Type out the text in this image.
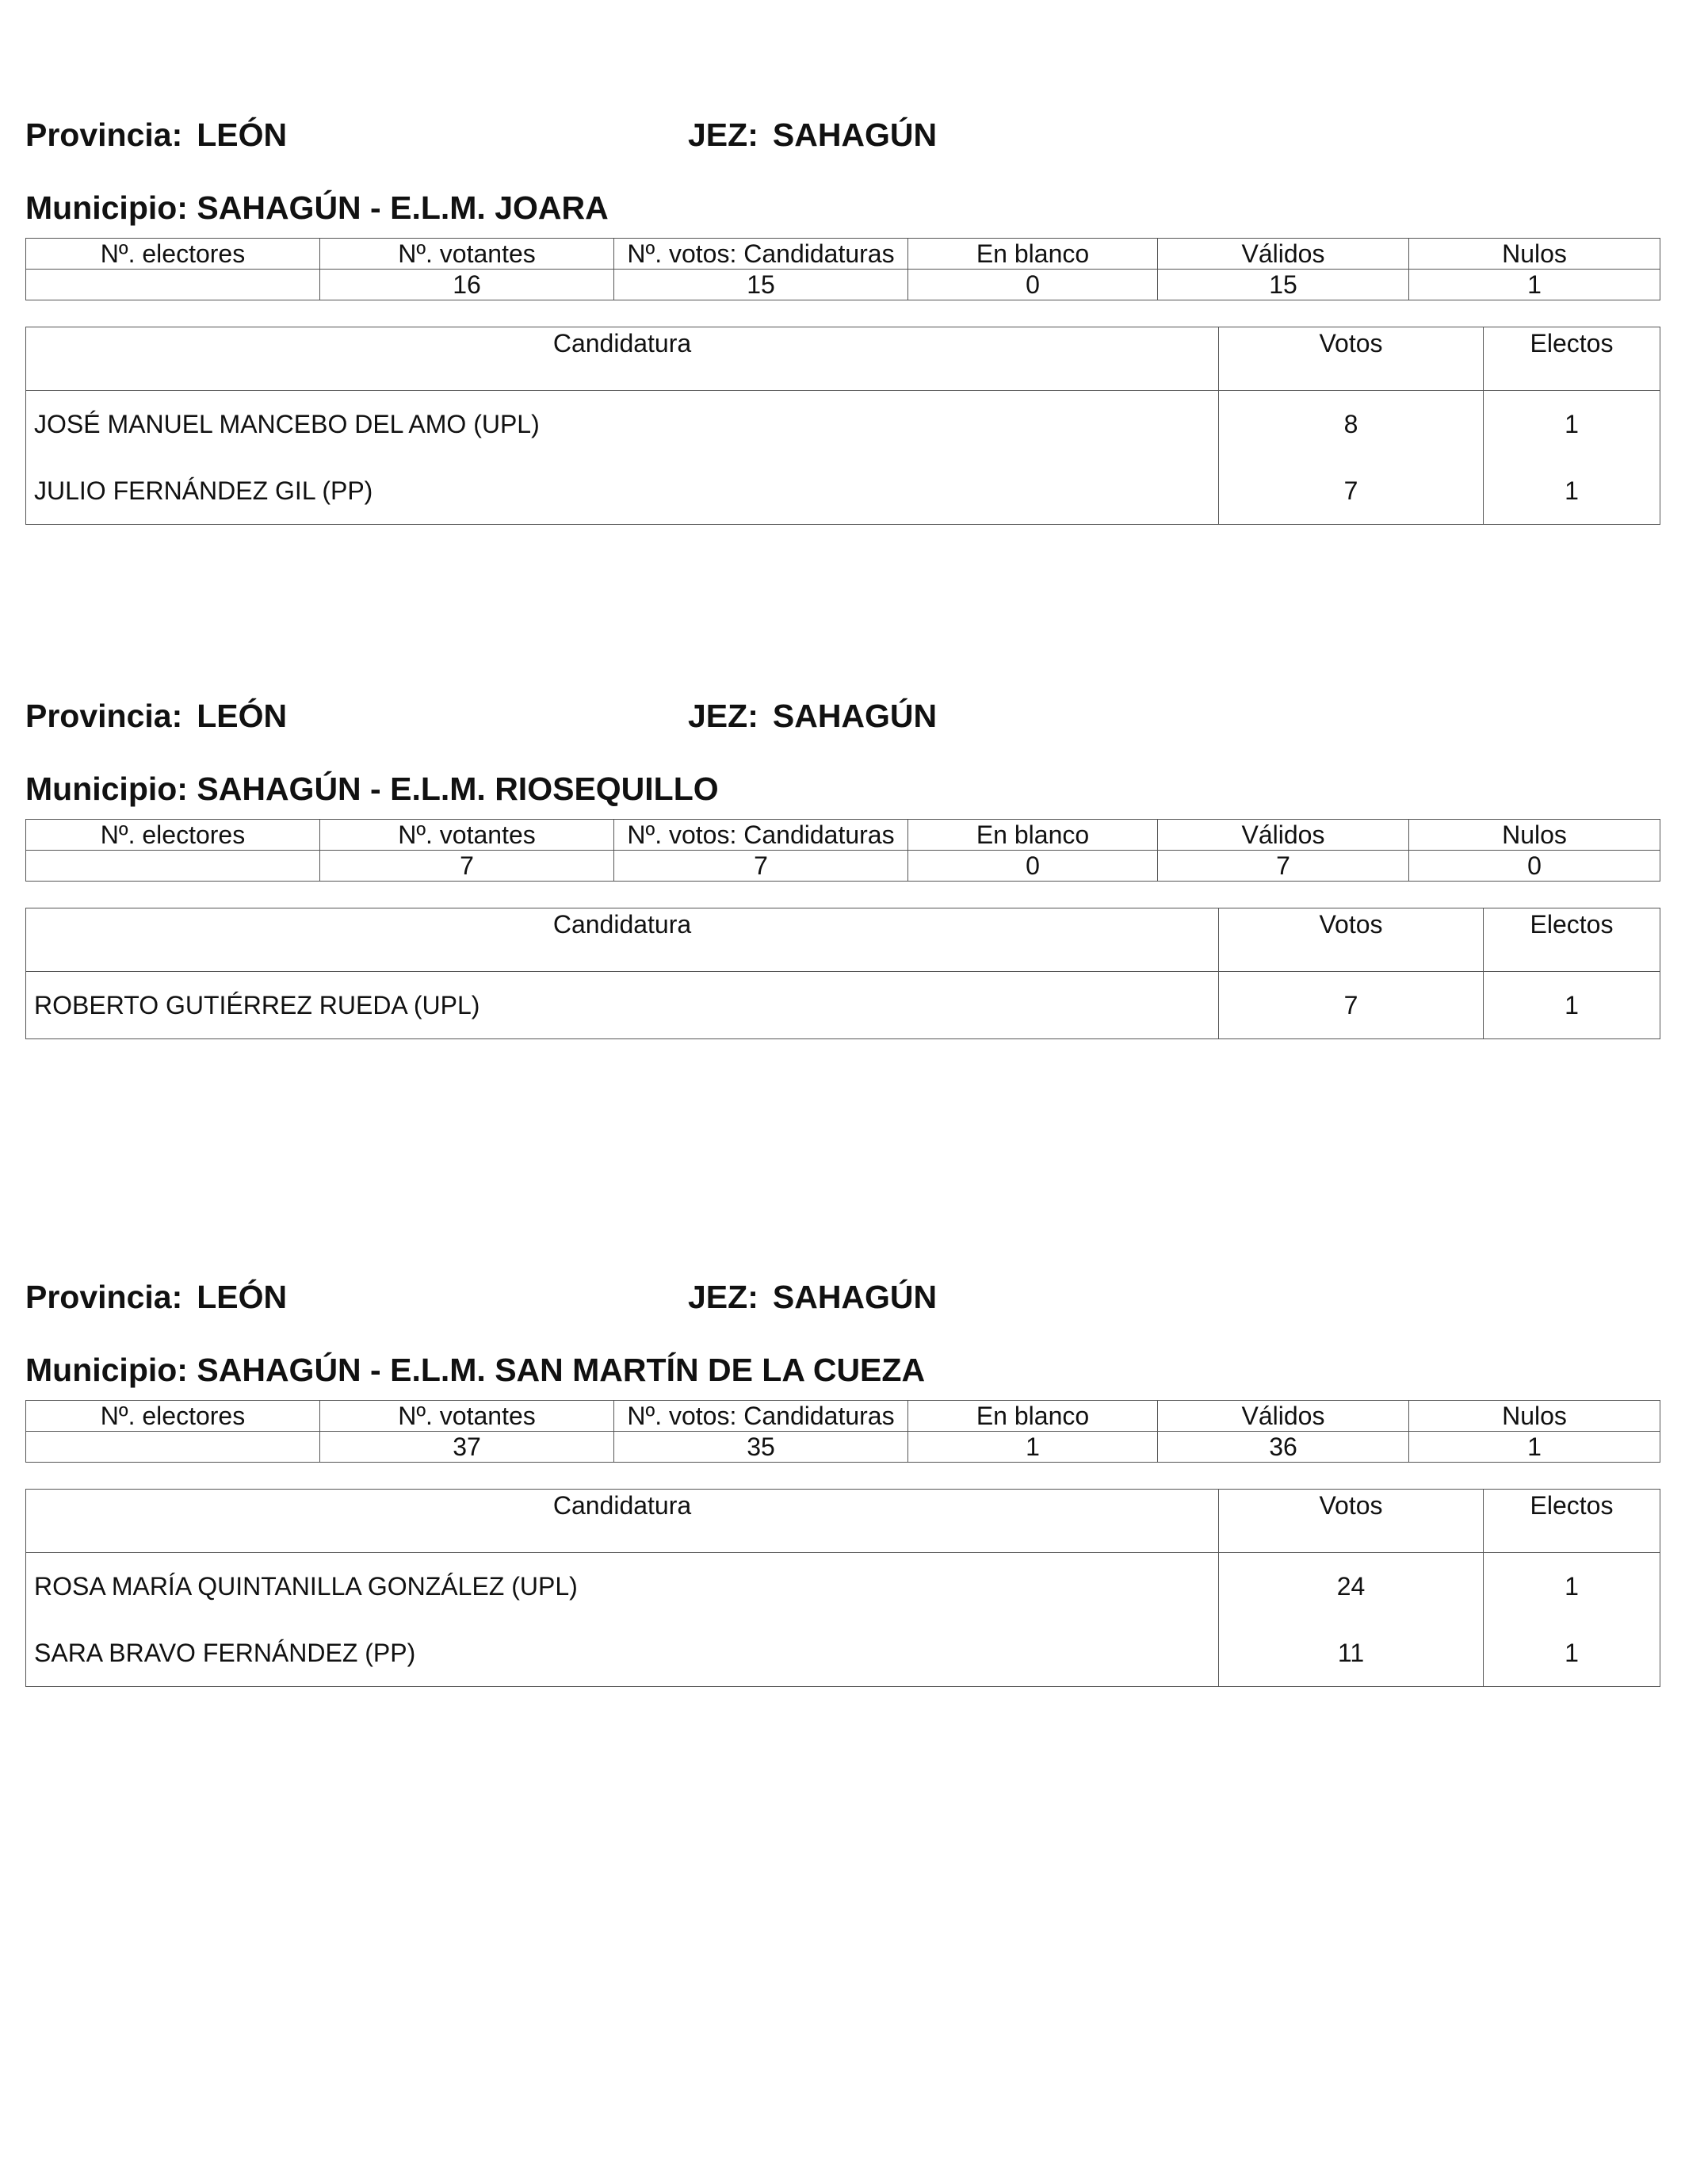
Provincia: LEÓN	JEZ: SAHAGÚN
Municipio: SAHAGÚN - E.L.M. JOARA
Nº. electores	Nº. votantes	Nº. votos: Candidaturas	En blanco	Válidos	Nulos
	16	15	0	15	1
Candidatura	Votos	Electos
JOSÉ MANUEL MANCEBO DEL AMO (UPL)	8	1
JULIO FERNÁNDEZ GIL (PP)	7	1
Provincia: LEÓN	JEZ: SAHAGÚN
Municipio: SAHAGÚN - E.L.M. RIOSEQUILLO
Nº. electores	Nº. votantes	Nº. votos: Candidaturas	En blanco	Válidos	Nulos
	7	7	0	7	0
Candidatura	Votos	Electos
ROBERTO GUTIÉRREZ RUEDA (UPL)	7	1
Provincia: LEÓN	JEZ: SAHAGÚN
Municipio: SAHAGÚN - E.L.M. SAN MARTÍN DE LA CUEZA
Nº. electores	Nº. votantes	Nº. votos: Candidaturas	En blanco	Válidos	Nulos
	37	35	1	36	1
Candidatura	Votos	Electos
ROSA MARÍA QUINTANILLA GONZÁLEZ (UPL)	24	1
SARA BRAVO FERNÁNDEZ (PP)	11	1
